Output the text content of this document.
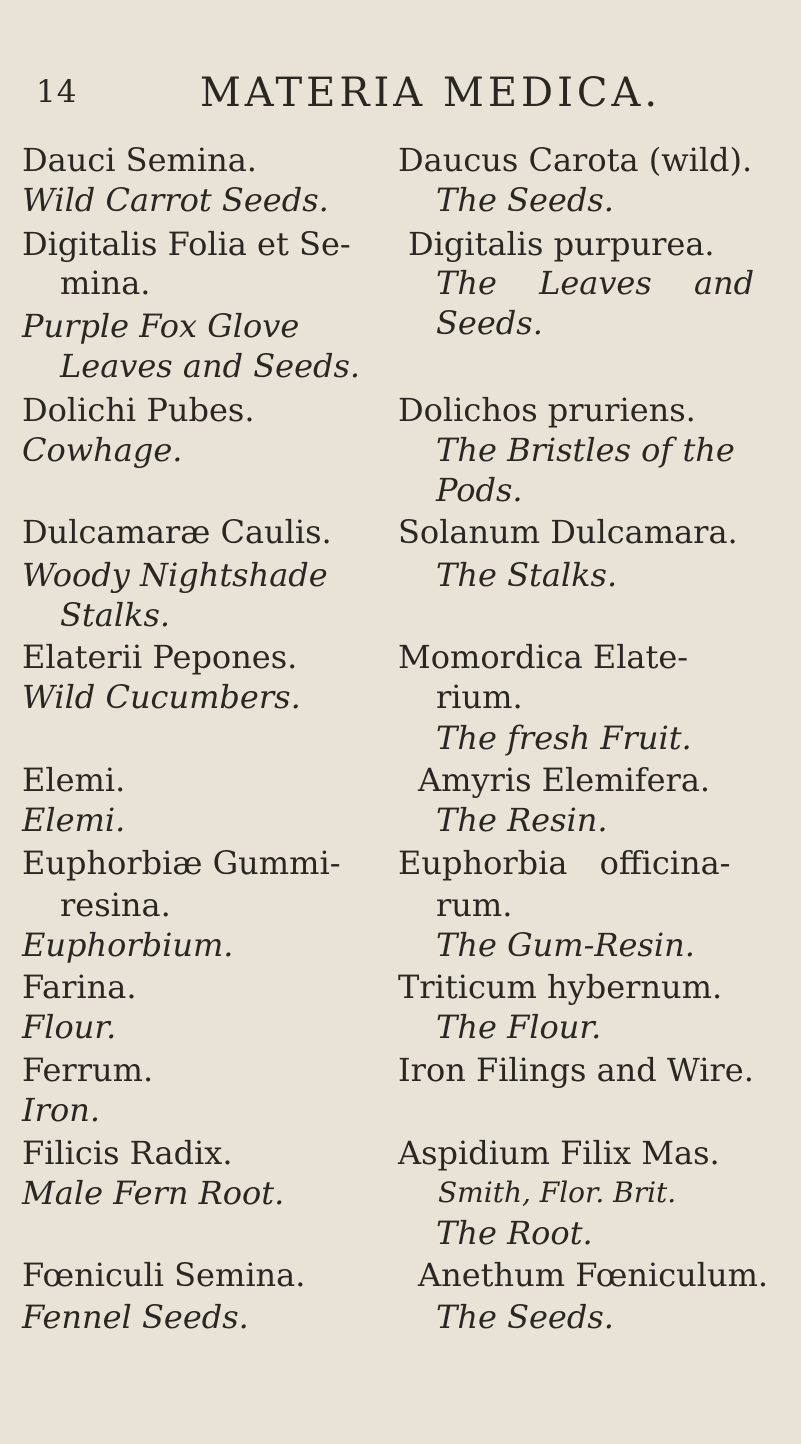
14	MATERIA MEDICA.
Dauci Semina.
Wild Carrot Seeds.
Digitalis Folia et Se-
mina.
Purple Fox Glove
Leaves and Seeds.
Dolichi Pubes.
Cowhage.
Dulcamaræ Caulis.
Woody Nightshade
Stalks.
Elaterii Pepones.
Wild Cucumbers.
Elemi.
Elemi.
Euphorbiæ Gummi-
resina.
Euphorbium.
Farina.
Flour.
Ferrum.
Iron.
Filicis Radix.
Male Fern Root.
Fœniculi Semina.
Fennel Seeds.
Daucus Carota (wild).
The Seeds.
Digitalis purpurea.
The Leaves and
Seeds.
Dolichos pruriens.
The Bristles of the
Pods.
Solanum Dulcamara.
The Stalks.
Momordica Elate-
rium.
The fresh Fruit.
Amyris Elemifera.
The Resin.
Euphorbia officina-
rum.
The Gum-Resin.
Triticum hybernum.
The Flour.
Iron Filings and Wire.
Aspidium Filix Mas.
Smith, Flor. Brit.
The Root.
Anethum Fœniculum.
The Seeds.
